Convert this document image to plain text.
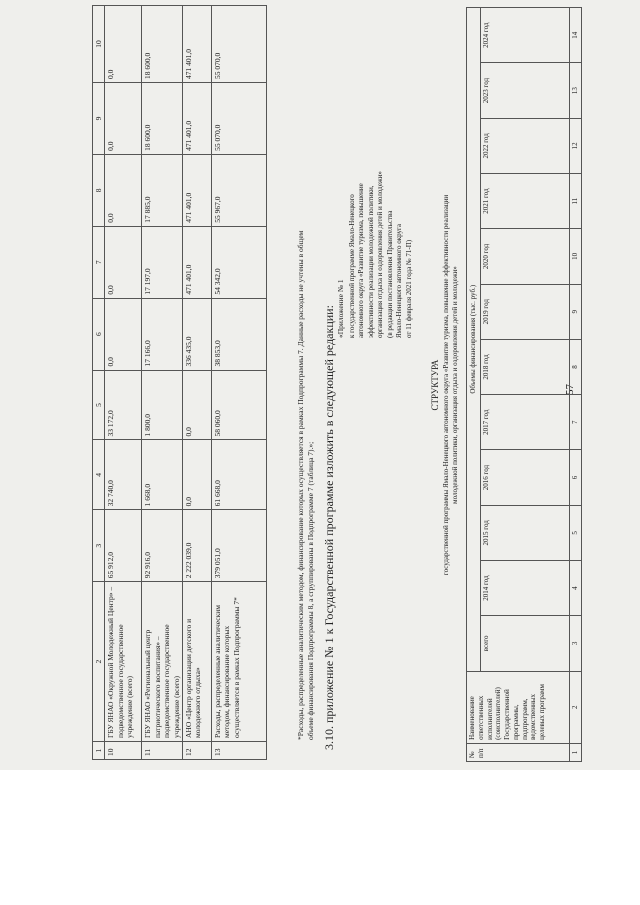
57
1	2	3	4	5	6	7	8	9	10
10	ГБУ ЯНАО «Окружной Молодежный Центр» – подведомственное государственное учреждение (всего)	65 912,0	32 740,0	33 172,0	0,0	0,0	0,0	0,0	0,0
11	ГБУ ЯНАО «Региональный центр патриотического воспитания» – подведомственное государственное учреждение (всего)	92 916,0	1 668,0	1 800,0	17 166,0	17 197,0	17 885,0	18 600,0	18 600,0
12	АНО «Центр организации детского и молодежного отдыха»	2 222 039,0	0,0	0,0	336 435,0	471 401,0	471 401,0	471 401,0	471 401,0
13	Расходы, распределенные аналитическим методом, финансирование которых осуществляется в рамках Подпрограммы 7*	379 051,0	61 668,0	58 060,0	38 853,0	54 342,0	55 967,0	55 070,0	55 070,0
*Расходы, распределенные аналитическим методом, финансирование которых осуществляется в рамках Подпрограммы 7. Данные расходы не учтены в общем объеме финансирования Подпрограммы 8, а сгруппированы в Подпрограмме 7 (таблица 7).»; 3.10. приложение № 1 к Государственной программе изложить в следующей редакции: «Приложение № 1 к государственной программе Ямало-Ненецкого автономного округа «Развитие туризма, повышение эффективности реализации молодежной политики, организация отдыха и оздоровления детей и молодежи» (в редакции постановления Правительства Ямало-Ненецкого автономного округа от 11 февраля 2021 года № 71-П)
СТРУКТУРА государственной программы Ямало-Ненецкого автономного округа «Развитие туризма, повышение эффективности реализации молодежной политики, организация отдыха и оздоровления детей и молодежи»
№ п/п	Наименование ответственных исполнителей (соисполнителей) Государственной программы, подпрограмм, ведомственных целевых программ	Объемы финансирования (тыс. руб.)											
		всего	2014 год	2015 год	2016 год	2017 год	2018 год	2019 год	2020 год	2021 год	2022 год	2023 год	2024 год
1	2	3	4	5	6	7	8	9	10	11	12	13	14
